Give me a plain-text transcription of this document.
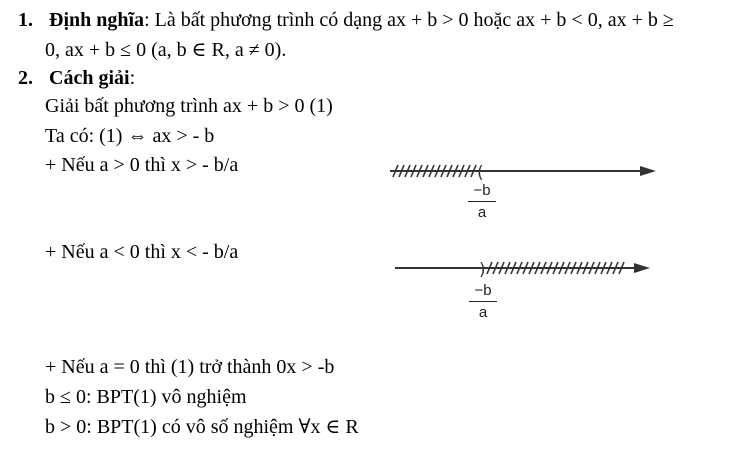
1. Định nghĩa: Là bất phương trình có dạng ax + b > 0 hoặc ax + b < 0, ax + b ≥
0, ax + b ≤ 0 (a, b ∈ R, a ≠ 0).
2. Cách giải:
Giải bất phương trình ax + b > 0 (1)
Ta có: (1) ⇔ ax > - b
+ Nếu a > 0 thì x > - b/a
+ Nếu a < 0 thì x < - b/a
+ Nếu a = 0 thì (1) trở thành 0x > -b
b ≤ 0: BPT(1) vô nghiệm
b > 0: BPT(1) có vô số nghiệm ∀x ∈ R
(
)
−b
a
−b
a
